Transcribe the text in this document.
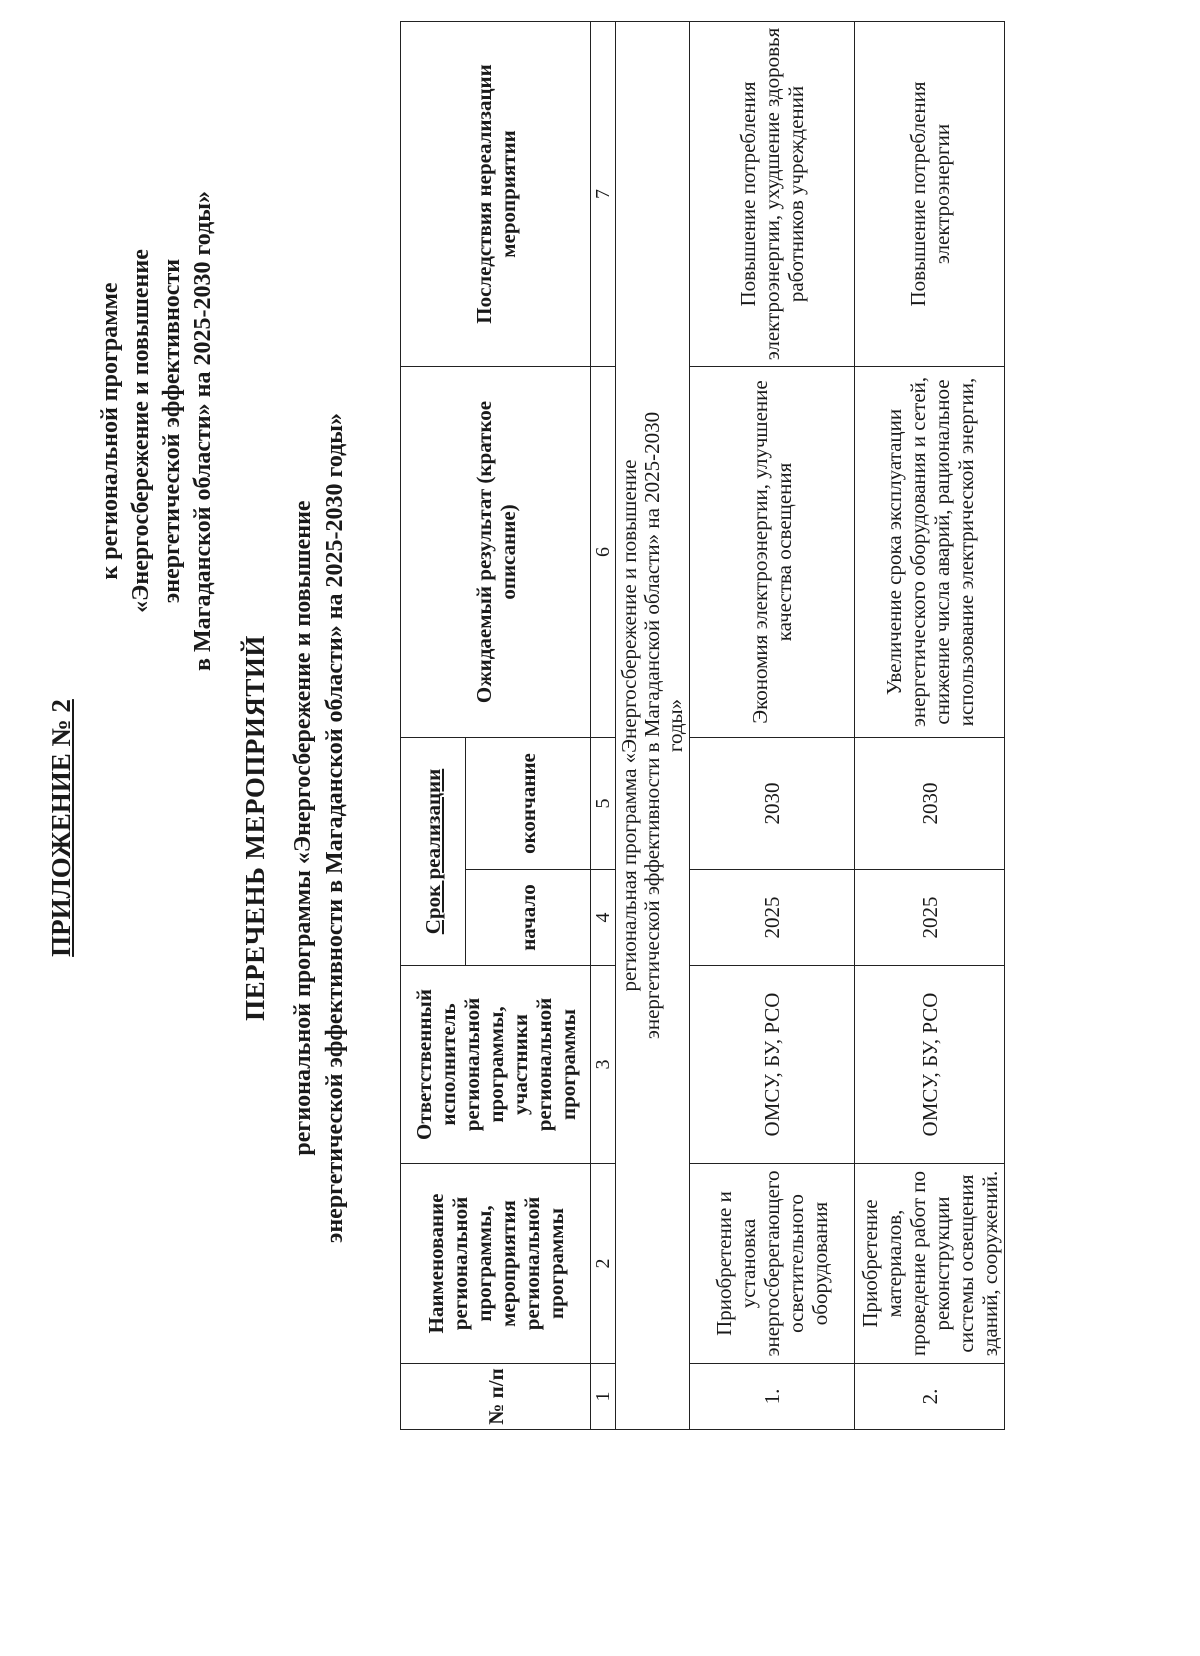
ПРИЛОЖЕНИЕ № 2
к региональной программе «Энергосбережение и повышение энергетической эффективности в Магаданской области» на 2025-2030 годы»
ПЕРЕЧЕНЬ МЕРОПРИЯТИЙ региональной программы «Энергосбережение и повышение энергетической эффективности в Магаданской области» на 2025-2030 годы»
№ п/п	Наименование региональной программы, мероприятия региональной программы	Ответственный исполнитель региональной программы, участники региональной программы	Срок реализации		Ожидаемый результат (краткое описание)	Последствия нереализации мероприятии
			начало	окончание		
1	2	3	4	5	6	7
региональная программа «Энергосбережение и повышение энергетической эффективности в Магаданской области» на 2025-2030 годы»						
1.	Приобретение и установка энергосберегающего осветительного оборудования	ОМСУ, БУ, РСО	2025	2030	Экономия электроэнергии, улучшение качества освещения	Повышение потребления электроэнергии, ухудшение здоровья работников учреждений
2.	Приобретение материалов, проведение работ по реконструкции системы освещения зданий, сооружений.	ОМСУ, БУ, РСО	2025	2030	Увеличение срока эксплуатации энергетического оборудования и сетей, снижение числа аварий, рациональное использование электрической энергии,	Повышение потребления электроэнергии
